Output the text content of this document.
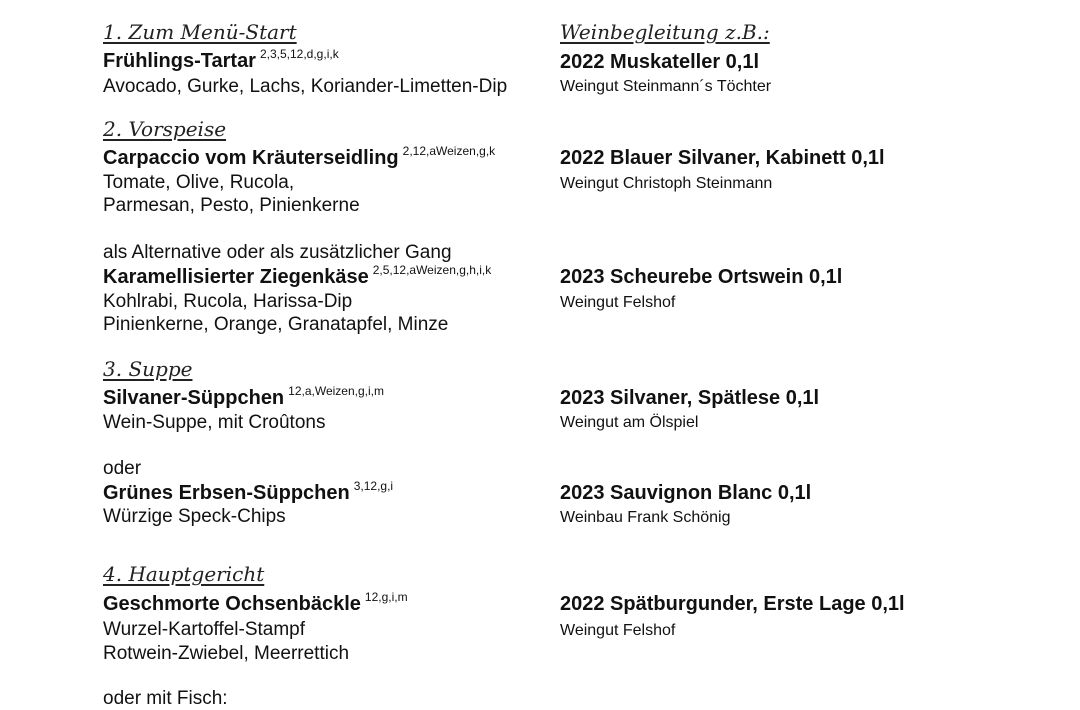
1. Zum Menü-Start
Frühlings-Tartar $^{2,3,5,12,d,g,i,k}$
Avocado, Gurke, Lachs, Koriander-Limetten-Dip
2. Vorspeise
Carpaccio vom Kräuterseidling $^{2,12,aWeizen,g,k}$
Tomate, Olive, Rucola,
Parmesan, Pesto, Pinienkerne
als Alternative oder als zusätzlicher Gang
Karamellisierter Ziegenkäse $^{2,5,12,aWeizen,g,h,i,k}$
Kohlrabi, Rucola, Harissa-Dip
Pinienkerne, Orange, Granatapfel, Minze
3. Suppe
Silvaner-Süppchen $^{12,a,Weizen,g,i,m}$
Wein-Suppe, mit Croûtons
oder
Grünes Erbsen-Süppchen $^{3,12,g,i}$
Würzige Speck-Chips
4. Hauptgericht
Geschmorte Ochsenbäckle $^{12,g,i,m}$
Wurzel-Kartoffel-Stampf
Rotwein-Zwiebel, Meerrettich
oder mit Fisch:
Weinbegleitung z.B.:
2022 Muskateller 0,1l
Weingut Steinmann´s Töchter
2022 Blauer Silvaner, Kabinett 0,1l
Weingut Christoph Steinmann
2023 Scheurebe Ortswein 0,1l
Weingut Felshof
2023 Silvaner, Spätlese 0,1l
Weingut am Ölspiel
2023 Sauvignon Blanc 0,1l
Weinbau Frank Schönig
2022 Spätburgunder, Erste Lage 0,1l
Weingut Felshof
